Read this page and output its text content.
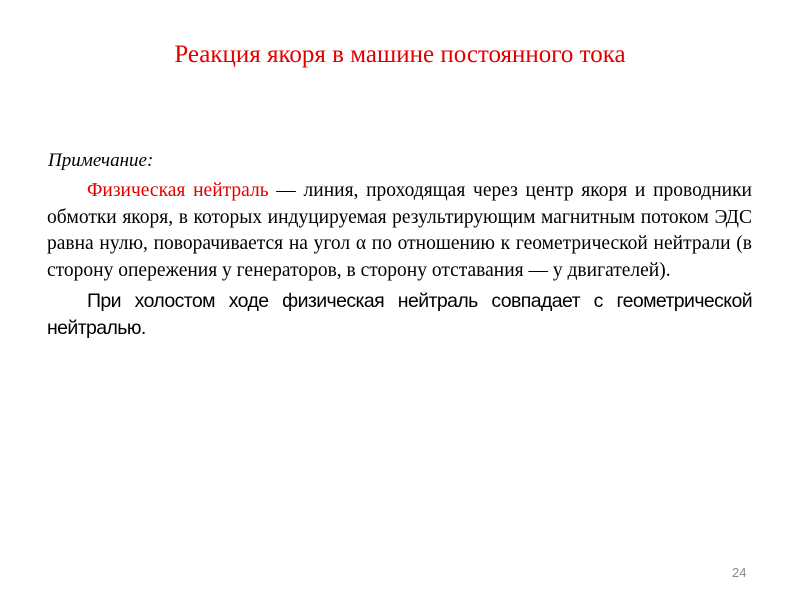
Реакция якоря в машине постоянного тока
Примечание:

Физическая нейтраль — линия, проходящая через центр якоря и проводники обмотки якоря, в которых индуцируемая результирующим магнитным потоком ЭДС равна нулю, поворачивается на угол α по отношению к геометрической нейтрали (в сторону опережения у генераторов, в сторону отставания — у двигателей).

При холостом ходе физическая нейтраль совпадает с геометрической нейтралью.

24
